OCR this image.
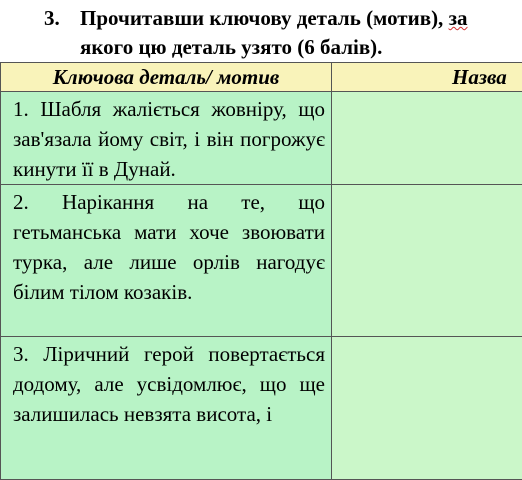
3. Прочитавши ключову деталь (мотив), за
якого цю деталь узято (6 балів).
Ключова деталь/ мотив	Назва
1. Шабля жаліється жовніру, що зав'язала йому світ, і він погрожує кинути її в Дунай.	
2. Нарікання на те, що гетьманська мати хоче звоювати турка, але лише орлів нагодує білим тілом козаків.	
3. Ліричний герой повертається додому, але усвідомлює, що ще залишилась невзята висота, і	
